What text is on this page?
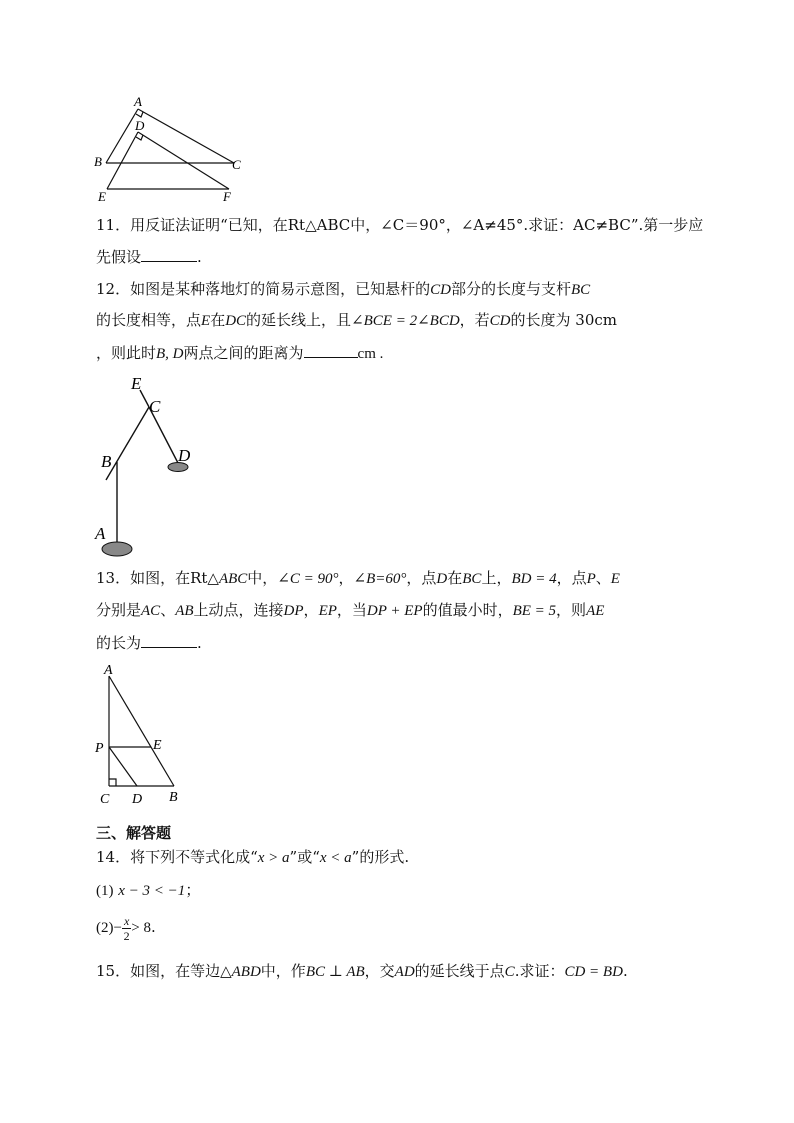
A
D
B	C
E	F
11．用反证法证明“已知，在Rt△ABC中，∠C＝90°，∠A≠45°.求证：AC≠BC”.第一步应
先假设	.
12．如图是某种落地灯的简易示意图，已知悬杆的CD部分的长度与支杆BC
的长度相等，点E在DC的延长线上，且∠BCE = 2∠BCD，若CD的长度为 30cm
，则此时B, D两点之间的距离为	cm .
E
C
B	D
A
13．如图，在Rt△ABC中，∠C = 90°，∠B=60°，点D在BC上，BD = 4，点P、E
分别是AC、AB上动点，连接DP，EP，当DP + EP的值最小时，BE = 5，则AE
的长为	.
A
P	E
C D B
三、解答题
14．将下列不等式化成“x > a”或“x < a”的形式.
(1) x − 3 < −1；
$(2)- \frac{x}{2} > 8$.
15．如图，在等边△ABD中，作BC ⊥ AB，交AD的延长线于点C.求证：CD = BD.
